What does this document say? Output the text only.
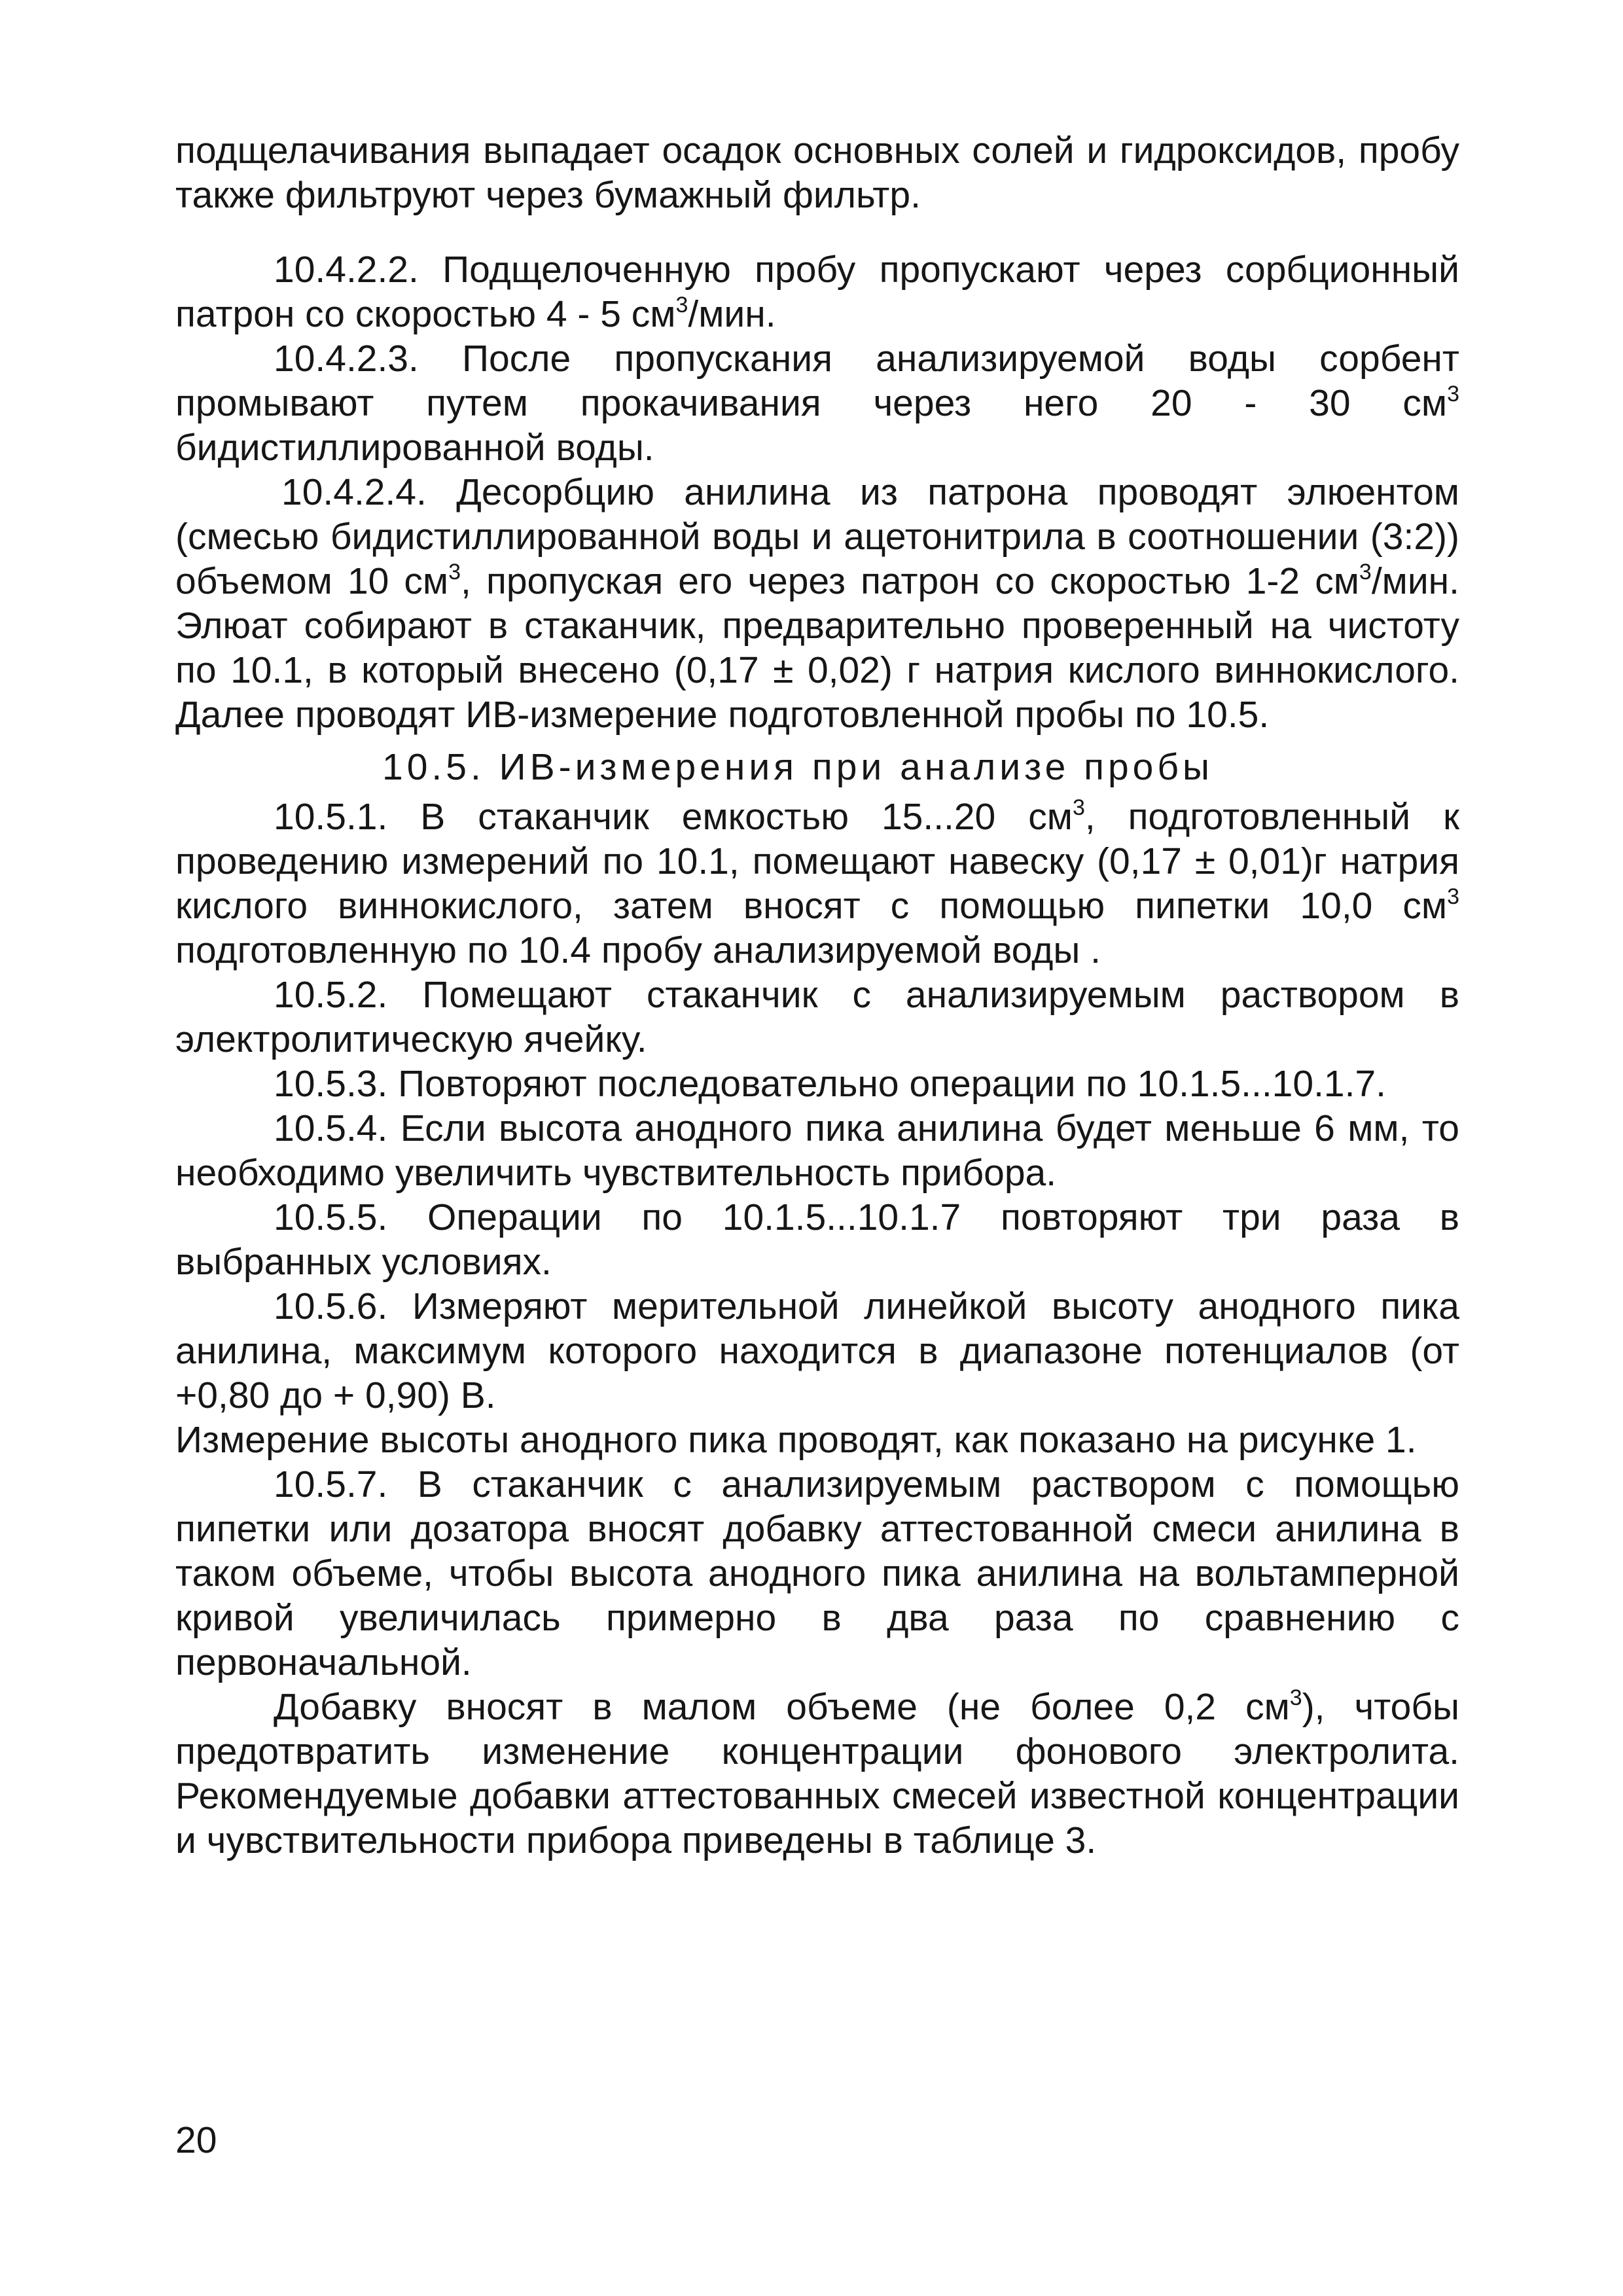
подщелачивания выпадает осадок основных солей и гидроксидов, пробу также фильтруют через бумажный фильтр.

10.4.2.2. Подщелоченную пробу пропускают через сорбционный патрон со скоростью 4 - 5 $см^3$/мин.

10.4.2.3. После пропускания анализируемой воды сорбент промывают путем прокачивания через него 20 - 30 $см^3$ бидистиллированной воды.

10.4.2.4. Десорбцию анилина из патрона проводят элюентом (смесью бидистиллированной воды и ацетонитрила в соотношении (3:2)) объемом 10 $см^3$, пропуская его через патрон со скоростью 1-2 $см^3$/мин. Элюат собирают в стаканчик, предварительно проверенный на чистоту по 10.1, в который внесено (0,17 ± 0,02) г натрия кислого виннокислого. Далее проводят ИВ-измерение подготовленной пробы по 10.5.

10.5. ИВ-измерения при анализе пробы

10.5.1. В стаканчик емкостью 15...20 $см^3$, подготовленный к проведению измерений по 10.1, помещают навеску (0,17 ± 0,01)г натрия кислого виннокислого, затем вносят с помощью пипетки 10,0 $см^3$ подготовленную по 10.4 пробу анализируемой воды .

10.5.2. Помещают стаканчик с анализируемым раствором в электролитическую ячейку.

10.5.3. Повторяют последовательно операции по 10.1.5...10.1.7.

10.5.4. Если высота анодного пика анилина будет меньше 6 мм, то необходимо увеличить чувствительность прибора.

10.5.5. Операции по 10.1.5...10.1.7 повторяют три раза в выбранных условиях.

10.5.6. Измеряют мерительной линейкой высоту анодного пика анилина, максимум которого находится в диапазоне потенциалов (от +0,80 до + 0,90) В.

Измерение высоты анодного пика проводят, как показано на рисунке 1.

10.5.7. В стаканчик с анализируемым раствором с помощью пипетки или дозатора вносят добавку аттестованной смеси анилина в таком объеме, чтобы высота анодного пика анилина на вольтамперной кривой увеличилась примерно в два раза по сравнению с первоначальной.

Добавку вносят в малом объеме (не более 0,2 $см^3$), чтобы предотвратить изменение концентрации фонового электролита. Рекомендуемые добавки аттестованных смесей известной концентрации и чувствительности прибора приведены в таблице 3.

20
